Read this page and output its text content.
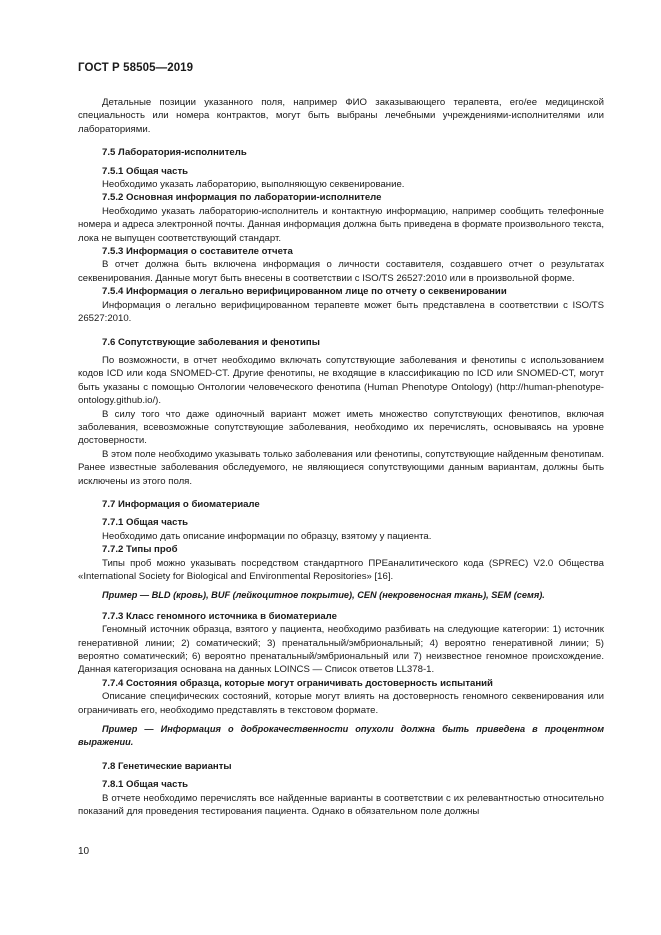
ГОСТ Р 58505—2019
Детальные позиции указанного поля, например ФИО заказывающего терапевта, его/ее медицинской специальность или номера контрактов, могут быть выбраны лечебными учреждениями-исполнителями или лабораториями.
7.5 Лаборатория-исполнитель
7.5.1 Общая часть
Необходимо указать лабораторию, выполняющую секвенирование.
7.5.2 Основная информация по лаборатории-исполнителе
Необходимо указать лабораторию-исполнитель и контактную информацию, например сообщить телефонные номера и адреса электронной почты. Данная информация должна быть приведена в формате произвольного текста, лока не выпущен соответствующий стандарт.
7.5.3 Информация о составителе отчета
В отчет должна быть включена информация о личности составителя, создавшего отчет о результатах секвенирования. Данные могут быть внесены в соответствии с ISO/TS 26527:2010 или в произвольной форме.
7.5.4 Информация о легально верифицированном лице по отчету о секвенировании
Информация о легально верифицированном терапевте может быть представлена в соответствии с ISO/TS 26527:2010.
7.6 Сопутствующие заболевания и фенотипы
По возможности, в отчет необходимо включать сопутствующие заболевания и фенотипы с использованием кодов ICD или кода SNOMED-CT. Другие фенотипы, не входящие в классификацию по ICD или SNOMED-CT, могут быть указаны с помощью Онтологии человеческого фенотипа (Human Phenotype Ontology) (http://human-phenotype-ontology.github.io/).
В силу того что даже одиночный вариант может иметь множество сопутствующих фенотипов, включая заболевания, всевозможные сопутствующие заболевания, необходимо их перечислять, основываясь на уровне достоверности.
В этом поле необходимо указывать только заболевания или фенотипы, сопутствующие найденным фенотипам. Ранее известные заболевания обследуемого, не являющиеся сопутствующими данным вариантам, должны быть исключены из этого поля.
7.7 Информация о биоматериале
7.7.1 Общая часть
Необходимо дать описание информации по образцу, взятому у пациента.
7.7.2 Типы проб
Типы проб можно указывать посредством стандартного ПРЕаналитического кода (SPREC) V2.0 Общества «International Society for Biological and Environmental Repositories» [16].
Пример — BLD (кровь), BUF (лейкоцитное покрытие), CEN (некровеносная ткань), SEM (семя).
7.7.3 Класс геномного источника в биоматериале
Геномный источник образца, взятого у пациента, необходимо разбивать на следующие категории: 1) источник генеративной линии; 2) соматический; 3) пренатальный/эмбриональный; 4) вероятно генеративной линии; 5) вероятно соматический; 6) вероятно пренатальный/эмбриональный или 7) неизвестное геномное происхождение. Данная категоризация основана на данных LOINCS — Список ответов LL378-1.
7.7.4 Состояния образца, которые могут ограничивать достоверность испытаний
Описание специфических состояний, которые могут влиять на достоверность геномного секвенирования или ограничивать его, необходимо представлять в текстовом формате.
Пример — Информация о доброкачественности опухоли должна быть приведена в процентном выражении.
7.8 Генетические варианты
7.8.1 Общая часть
В отчете необходимо перечислять все найденные варианты в соответствии с их релевантностью относительно показаний для проведения тестирования пациента. Однако в обязательном поле должны
10
